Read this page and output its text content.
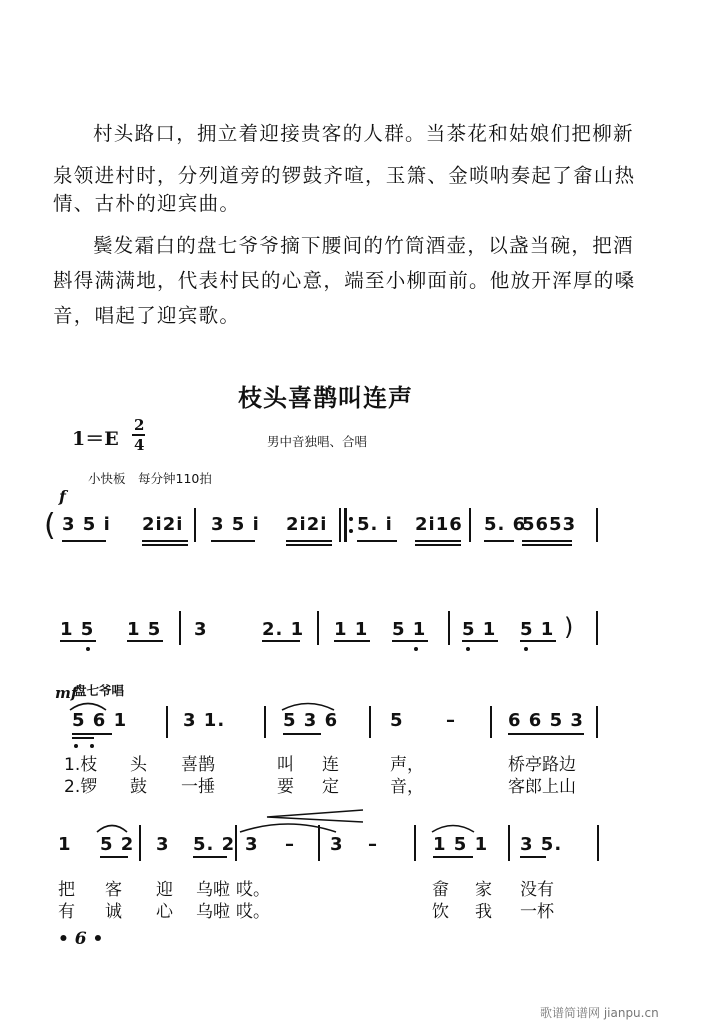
村头路口，拥立着迎接贵客的人群。当茶花和姑娘们把柳新
泉领进村时，分列道旁的锣鼓齐喧，玉箫、金唢呐奏起了畲山热
情、古朴的迎宾曲。
鬓发霜白的盘七爷爷摘下腰间的竹筒酒壶，以盏当碗，把酒
斟得满满地，代表村民的心意，端至小柳面前。他放开浑厚的嗓
音，唱起了迎宾歌。
枝头喜鹊叫连声
1＝E
2
4	男中音独唱、合唱
小快板　每分钟110拍
f
( 3 5 i 2i2i 3 5 i 2i2i 5. i 2i16 5. 6
5653
1 5 1 5 3	2. 1 1 1 5 1 5 1 5 1 )
mf
盘七爷唱
5 6 1	3 1.	5 3 6	5 –	6 6 5 3
1.枝 头 喜鹊	叫 连	声，	桥亭路边
2.锣 鼓 一捶	要 定	音，	客郎上山
1 5 2 3 5. 2 3 – 3 –	1 5 1 3 5.
把 客 迎 乌啦 哎。	畲 家 没有
有 诚 心 乌啦 哎。	饮 我 一杯
• 6 •
歌谱简谱网 jianpu.cn
